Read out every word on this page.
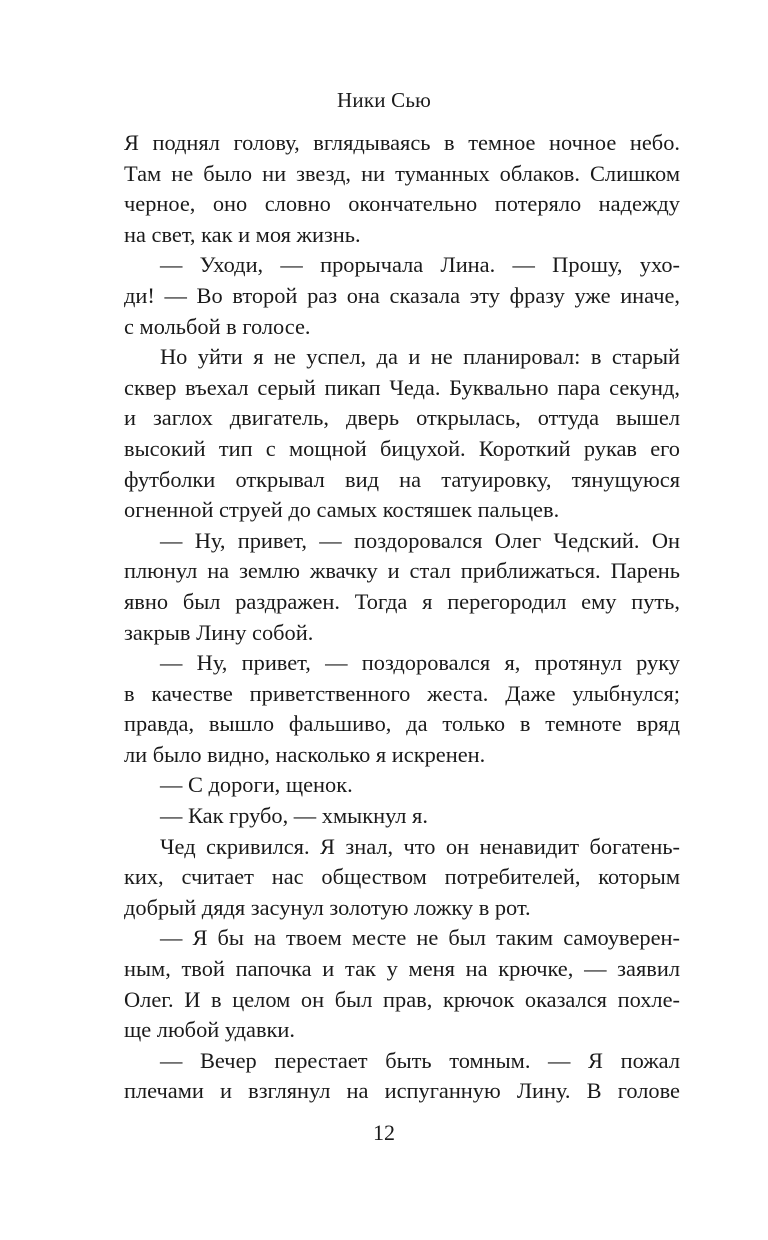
Ники Сью
Я поднял голову, вглядываясь в темное ночное небо.
Там не было ни звезд, ни туманных облаков. Слишком
черное, оно словно окончательно потеряло надежду
на свет, как и моя жизнь.
— Уходи, — прорычала Лина. — Прошу, ухо-
ди! — Во второй раз она сказала эту фразу уже иначе,
с мольбой в голосе.
Но уйти я не успел, да и не планировал: в старый
сквер въехал серый пикап Чеда. Буквально пара секунд,
и заглох двигатель, дверь открылась, оттуда вышел
высокий тип с мощной бицухой. Короткий рукав его
футболки открывал вид на татуировку, тянущуюся
огненной струей до самых костяшек пальцев.
— Ну, привет, — поздоровался Олег Чедский. Он
плюнул на землю жвачку и стал приближаться. Парень
явно был раздражен. Тогда я перегородил ему путь,
закрыв Лину собой.
— Ну, привет, — поздоровался я, протянул руку
в качестве приветственного жеста. Даже улыбнулся;
правда, вышло фальшиво, да только в темноте вряд
ли было видно, насколько я искренен.
— С дороги, щенок.
— Как грубо, — хмыкнул я.
Чед скривился. Я знал, что он ненавидит богатень-
ких, считает нас обществом потребителей, которым
добрый дядя засунул золотую ложку в рот.
— Я бы на твоем месте не был таким самоуверен-
ным, твой папочка и так у меня на крючке, — заявил
Олег. И в целом он был прав, крючок оказался похле-
ще любой удавки.
— Вечер перестает быть томным. — Я пожал
плечами и взглянул на испуганную Лину. В голове
12
